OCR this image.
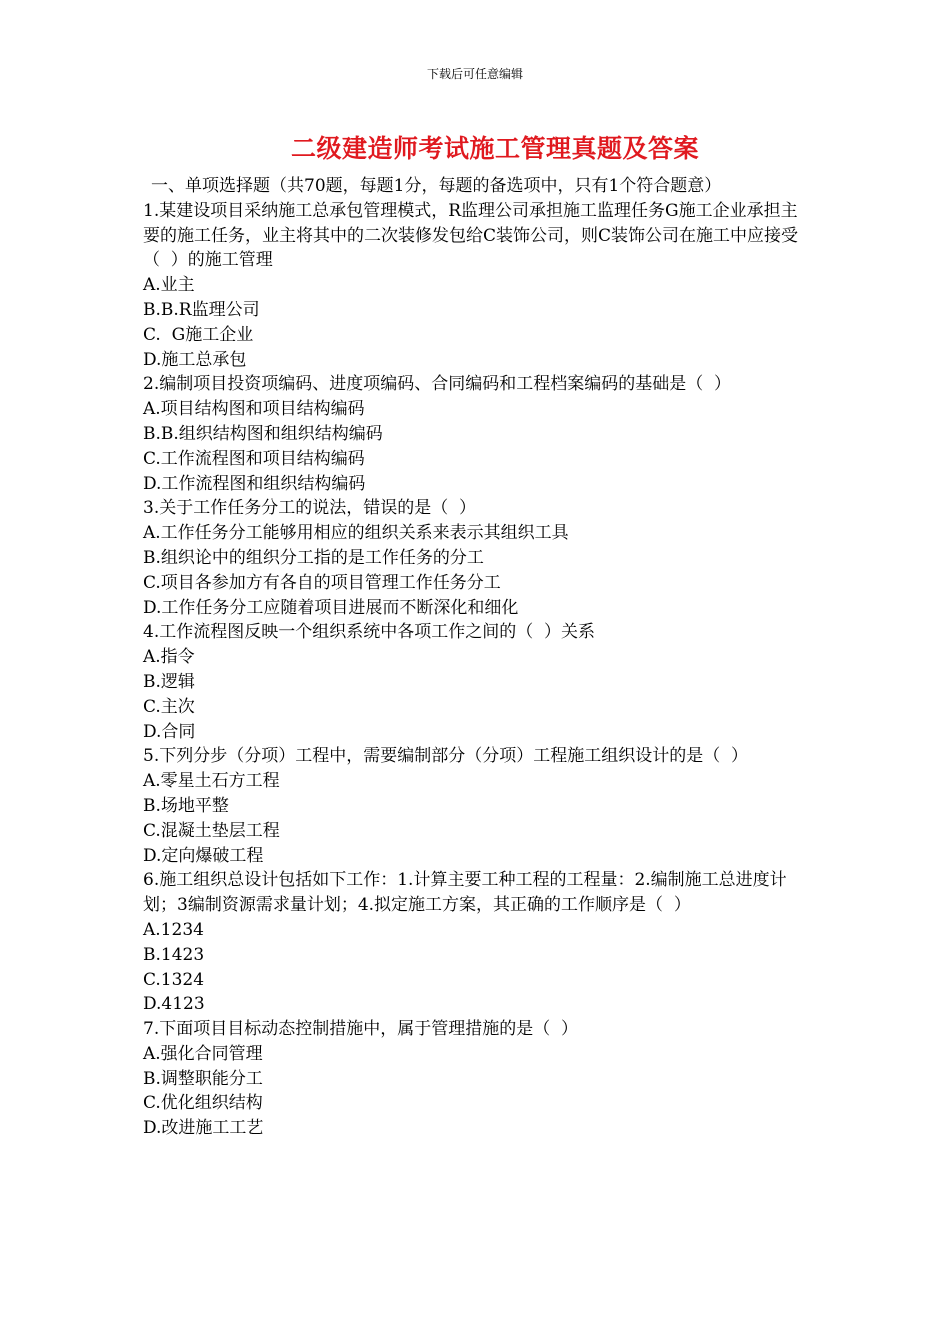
下载后可任意编辑
二级建造师考试施工管理真题及答案

一、单项选择题（共70题，每题1分，每题的备选项中，只有1个符合题意）

1.某建设项目采纳施工总承包管理模式，R监理公司承担施工监理任务G施工企业承担主要的施工任务，业主将其中的二次装修发包给C装饰公司，则C装饰公司在施工中应接受（  ）的施工管理

A.业主

B.B.R监理公司

C.  G施工企业

D.施工总承包

2.编制项目投资项编码、进度项编码、合同编码和工程档案编码的基础是（  ）

A.项目结构图和项目结构编码

B.B.组织结构图和组织结构编码

C.工作流程图和项目结构编码

D.工作流程图和组织结构编码

3.关于工作任务分工的说法，错误的是（  ）

A.工作任务分工能够用相应的组织关系来表示其组织工具

B.组织论中的组织分工指的是工作任务的分工

C.项目各参加方有各自的项目管理工作任务分工

D.工作任务分工应随着项目进展而不断深化和细化

4.工作流程图反映一个组织系统中各项工作之间的（  ）关系

A.指令

B.逻辑

C.主次

D.合同

5.下列分步（分项）工程中，需要编制部分（分项）工程施工组织设计的是（  ）

A.零星土石方工程

B.场地平整

C.混凝土垫层工程

D.定向爆破工程

6.施工组织总设计包括如下工作：1.计算主要工种工程的工程量：2.编制施工总进度计划；3编制资源需求量计划；4.拟定施工方案，其正确的工作顺序是（  ）

A.1234

B.1423

C.1324

D.4123

7.下面项目目标动态控制措施中，属于管理措施的是（  ）

A.强化合同管理

B.调整职能分工

C.优化组织结构

D.改进施工工艺
